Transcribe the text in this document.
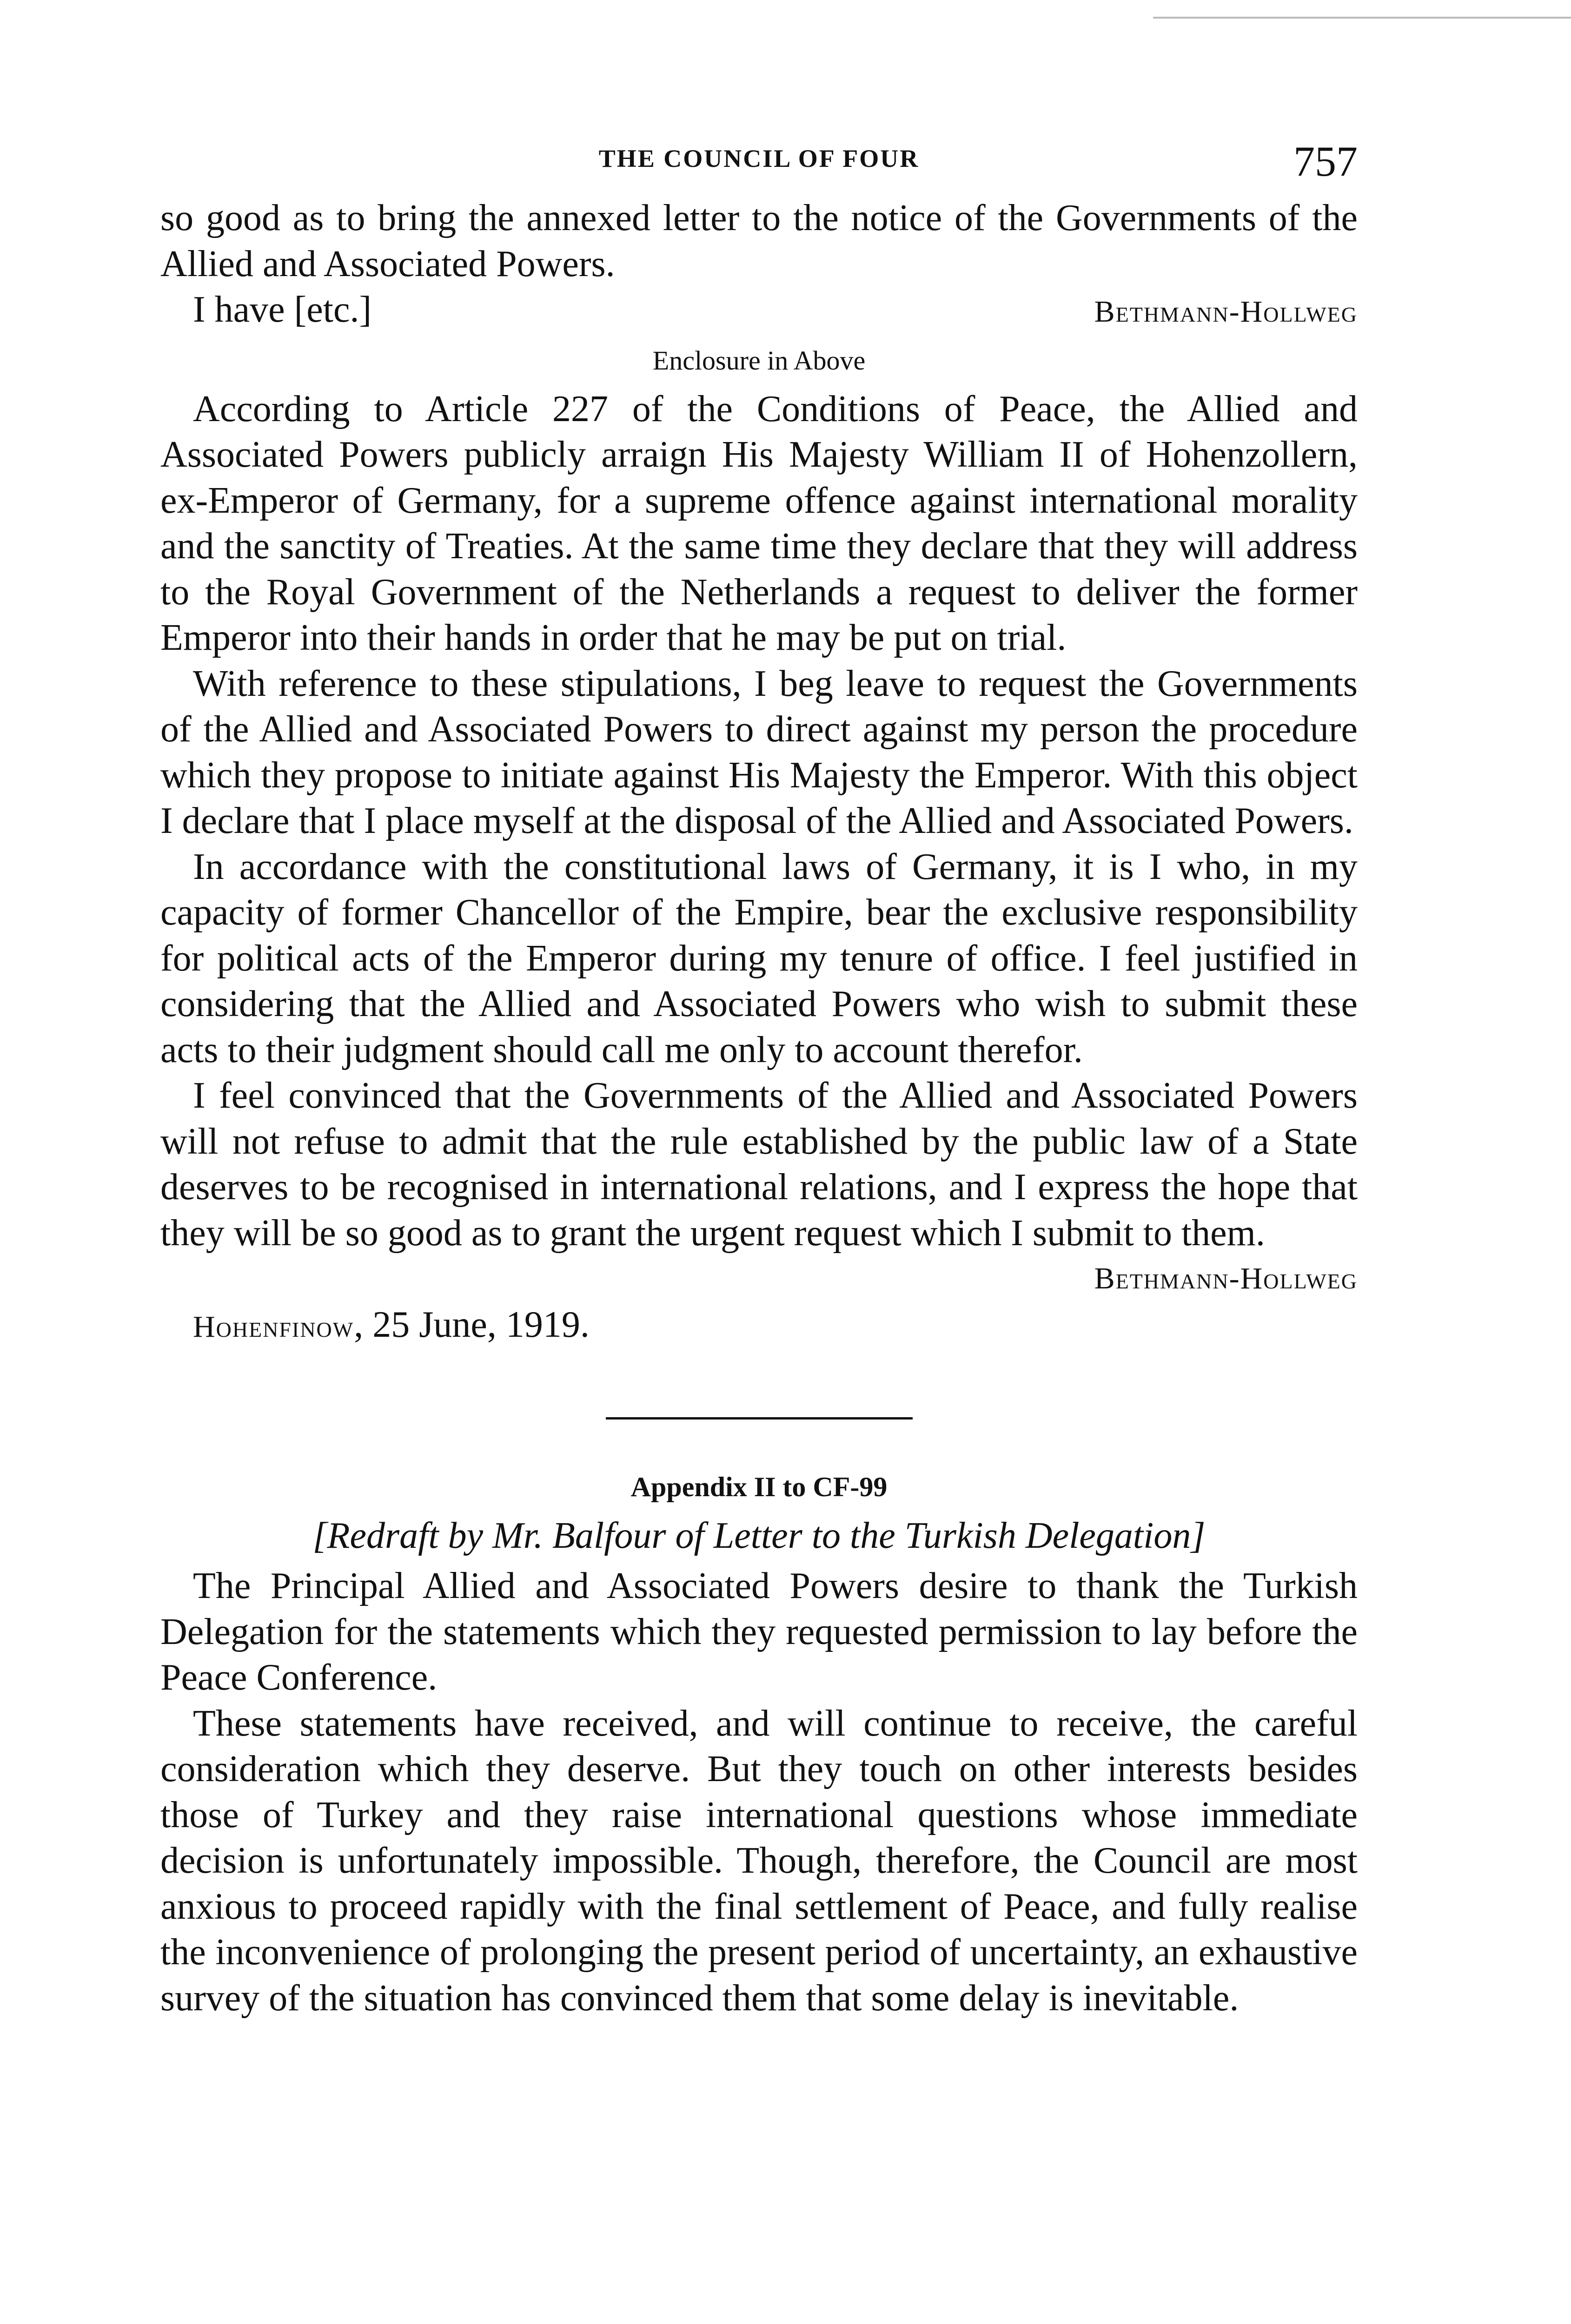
THE COUNCIL OF FOUR	757

so good as to bring the annexed letter to the notice of the Governments of the Allied and Associated Powers.

I have [etc.]	Bethmann-Hollweg
Enclosure in Above

According to Article 227 of the Conditions of Peace, the Allied and Associated Powers publicly arraign His Majesty William II of Hohenzollern, ex-Emperor of Germany, for a supreme offence against international morality and the sanctity of Treaties. At the same time they declare that they will address to the Royal Government of the Netherlands a request to deliver the former Emperor into their hands in order that he may be put on trial.

With reference to these stipulations, I beg leave to request the Governments of the Allied and Associated Powers to direct against my person the procedure which they propose to initiate against His Majesty the Emperor. With this object I declare that I place myself at the disposal of the Allied and Associated Powers.

In accordance with the constitutional laws of Germany, it is I who, in my capacity of former Chancellor of the Empire, bear the exclusive responsibility for political acts of the Emperor during my tenure of office. I feel justified in considering that the Allied and Associated Powers who wish to submit these acts to their judgment should call me only to account therefor.

I feel convinced that the Governments of the Allied and Associated Powers will not refuse to admit that the rule established by the public law of a State deserves to be recognised in international relations, and I express the hope that they will be so good as to grant the urgent request which I submit to them.

Bethmann-Hollweg
Hohenfinow, 25 June, 1919.
Appendix II to CF-99
[Redraft by Mr. Balfour of Letter to the Turkish Delegation]

The Principal Allied and Associated Powers desire to thank the Turkish Delegation for the statements which they requested permission to lay before the Peace Conference.

These statements have received, and will continue to receive, the careful consideration which they deserve. But they touch on other interests besides those of Turkey and they raise international questions whose immediate decision is unfortunately impossible. Though, therefore, the Council are most anxious to proceed rapidly with the final settlement of Peace, and fully realise the inconvenience of prolonging the present period of uncertainty, an exhaustive survey of the situation has convinced them that some delay is inevitable.
